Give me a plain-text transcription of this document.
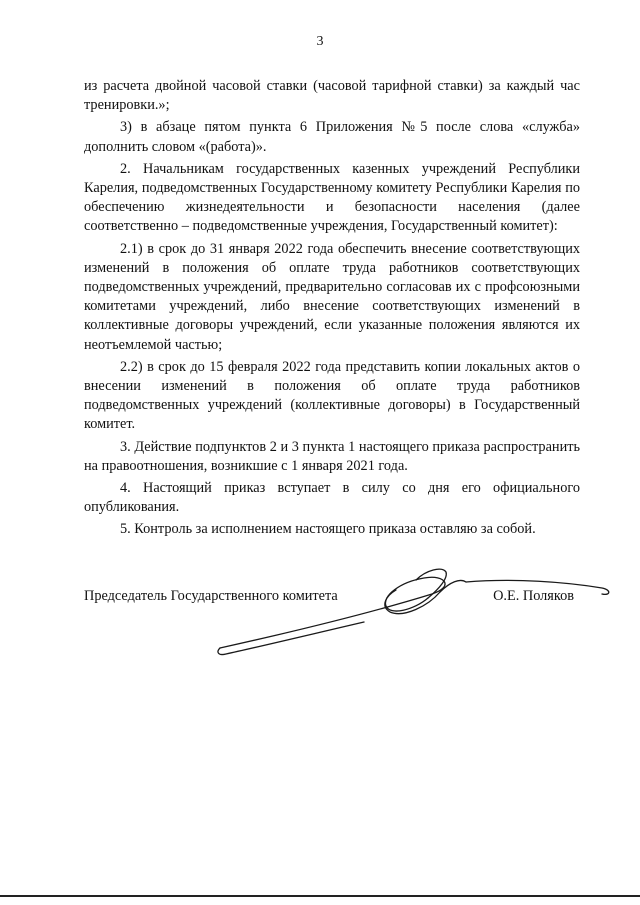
3

из расчета двойной часовой ставки (часовой тарифной ставки) за каждый час тренировки.»;

3) в абзаце пятом пункта 6 Приложения №5 после слова «служба» дополнить словом «(работа)».

2. Начальникам государственных казенных учреждений Республики Карелия, подведомственных Государственному комитету Республики Карелия по обеспечению жизнедеятельности и безопасности населения (далее соответственно – подведомственные учреждения, Государственный комитет):

2.1) в срок до 31 января 2022 года обеспечить внесение соответствующих изменений в положения об оплате труда работников соответствующих подведомственных учреждений, предварительно согласовав их с профсоюзными комитетами учреждений, либо внесение соответствующих изменений в коллективные договоры учреждений, если указанные положения являются их неотъемлемой частью;

2.2) в срок до 15 февраля 2022 года представить копии локальных актов о внесении изменений в положения об оплате труда работников подведомственных учреждений (коллективные договоры) в Государственный комитет.

3. Действие подпунктов 2 и 3 пункта 1 настоящего приказа распространить на правоотношения, возникшие с 1 января 2021 года.

4. Настоящий приказ вступает в силу со дня его официального опубликования.

5. Контроль за исполнением настоящего приказа оставляю за собой.

Председатель Государственного комитета	О.Е. Поляков
